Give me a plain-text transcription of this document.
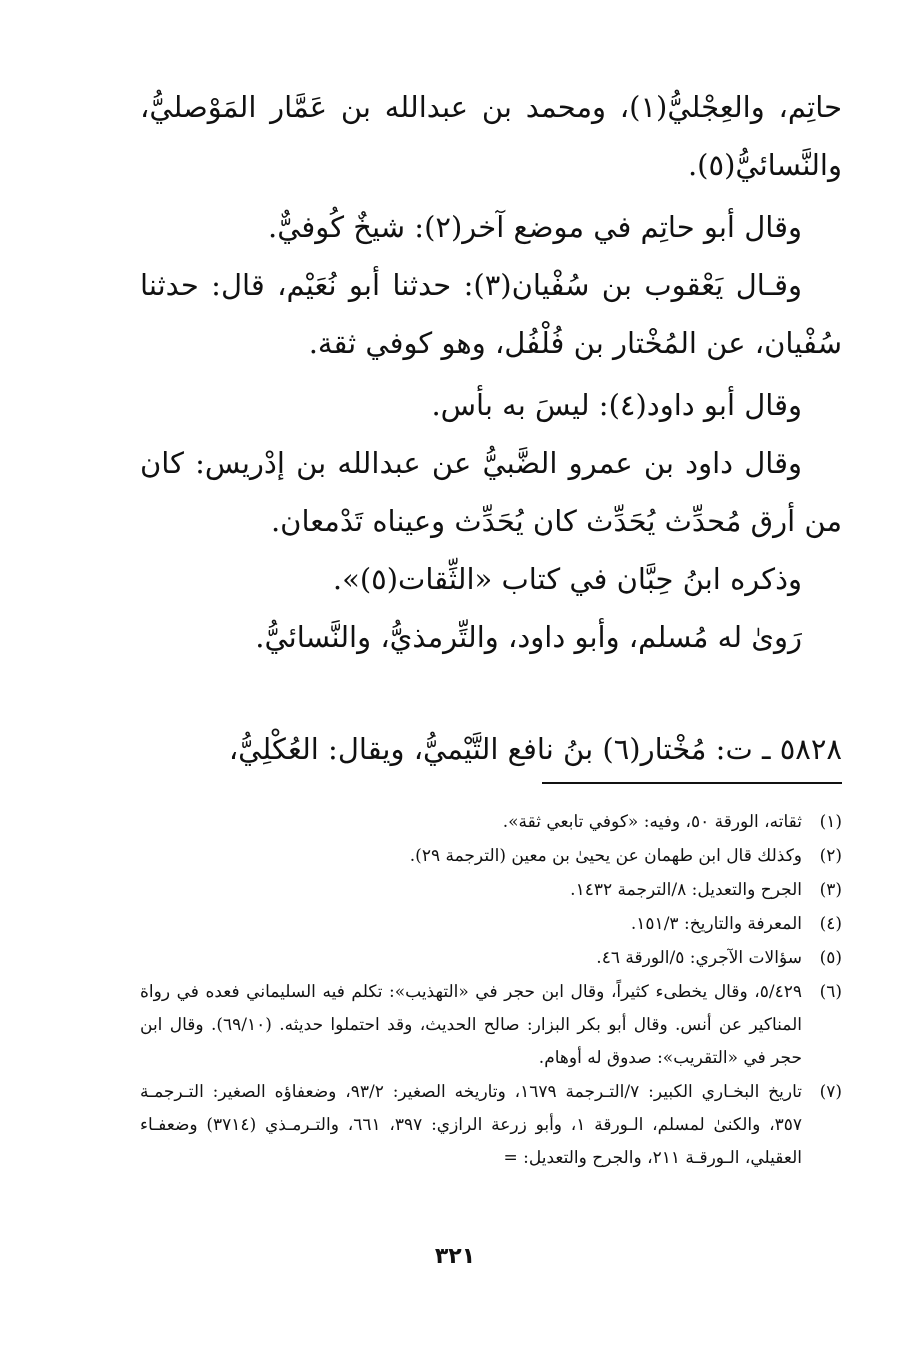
حاتِم، والعِجْليُّ⁠(١)، ومحمد بن عبدالله بن عَمَّار المَوْصليُّ، والنَّسائيُّ(٥).

وقال أبو حاتِم في موضع آخر(٢): شيخٌ كُوفيٌّ.

وقـال يَعْقوب بن سُفْيان(٣): حدثنا أبو نُعَيْم، قال: حدثنا سُفْيان، عن المُخْتار بن فُلْفُل، وهو كوفي ثقة.

وقال أبو داود(٤): ليسَ به بأس.

وقال داود بن عمرو الضَّبيُّ عن عبدالله بن إدْريس: كان من أرق مُحدِّث يُحَدِّث كان يُحَدِّث وعيناه تَدْمعان.

وذكره ابنُ حِبَّان في كتاب «الثِّقات(٥)».

رَوىٰ له مُسلم، وأبو داود، والتِّرمذيُّ، والنَّسائيُّ.

٥٨٢٨ ـ ت: مُخْتار(٦) بنُ نافع التَّيْميُّ، ويقال: العُكْلِيُّ،

(١)
ثقاته، الورقة ٥٠، وفيه: «كوفي تابعي ثقة».
(٢)
وكذلك قال ابن طهمان عن يحيىٰ بن معين (الترجمة ٢٩).
(٣)
الجرح والتعديل: ٨/الترجمة ١٤٣٢.
(٤)
المعرفة والتاريخ: ١٥١/٣.
(٥)
سؤالات الآجري: ٥/الورقة ٤٦.
(٦)
٥/٤٢٩، وقال يخطىء كثيراً، وقال ابن حجر في «التهذيب»: تكلم فيه السليماني فعده في رواة المناكير عن أنس. وقال أبو بكر البزار: صالح الحديث، وقد احتملوا حديثه. (٦٩/١٠). وقال ابن حجر في «التقريب»: صدوق له أوهام.
(٧)
تاريخ البخـاري الكبير: ٧/التـرجمة ١٦٧٩، وتاريخه الصغير: ٩٣/٢، وضعفاؤه الصغير: التـرجمـة ٣٥٧، والكنىٰ لمسلم، الـورقة ١، وأبو زرعة الرازي: ٣٩٧، ٦٦١، والتـرمـذي (٣٧١٤) وضعفـاء العقيلي، الـورقـة ٢١١، والجرح والتعديل: =
٣٢١
